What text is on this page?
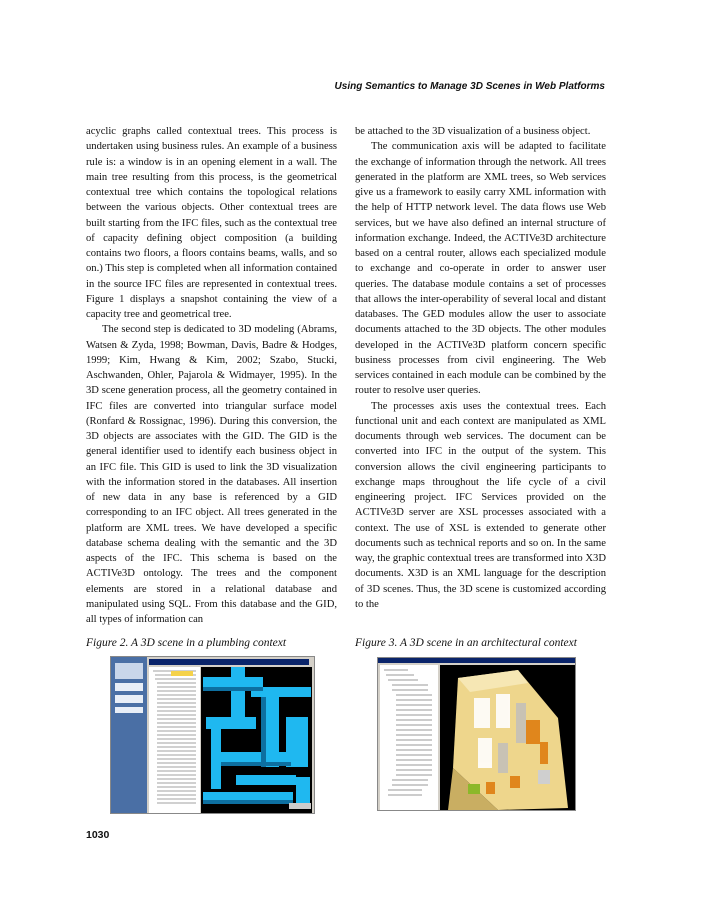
Using Semantics to Manage 3D Scenes in Web Platforms

acyclic graphs called contextual trees. This process is undertaken using business rules. An example of a business rule is: a window is in an opening element in a wall. The main tree resulting from this process, is the geometrical contextual tree which contains the topological relations between the various objects. Other contextual trees are built starting from the IFC files, such as the contextual tree of capacity defining object composition (a building contains two floors, a floors contains beams, walls, and so on.) This step is completed when all information contained in the source IFC files are represented in contextual trees. Figure 1 displays a snapshot containing the view of a capacity tree and geometrical tree.

The second step is dedicated to 3D modeling (Abrams, Watsen & Zyda, 1998; Bowman, Davis, Badre & Hodges, 1999; Kim, Hwang & Kim, 2002; Szabo, Stucki, Aschwanden, Ohler, Pajarola & Widmayer, 1995). In the 3D scene generation process, all the geometry contained in IFC files are converted into triangular surface model (Ronfard & Rossignac, 1996). During this conversion, the 3D objects are associates with the GID. The GID is the general identifier used to identify each business object in an IFC file. This GID is used to link the 3D visualization with the information stored in the databases. All insertion of new data in any base is referenced by a GID corresponding to an IFC object. All trees generated in the platform are XML trees. We have developed a specific database schema dealing with the semantic and the 3D aspects of the IFC. This schema is based on the ACTIVe3D ontology. The trees and the component elements are stored in a relational database and manipulated using SQL. From this database and the GID, all types of information can

be attached to the 3D visualization of a business object.

The communication axis will be adapted to facilitate the exchange of information through the network. All trees generated in the platform are XML trees, so Web services give us a framework to easily carry XML information with the help of HTTP network level. The data flows use Web services, but we have also defined an internal structure of information exchange. Indeed, the ACTIVe3D architecture based on a central router, allows each specialized module to exchange and co-operate in order to answer user queries. The database module contains a set of processes that allows the inter-operability of several local and distant databases. The GED modules allow the user to associate documents attached to the 3D objects. The other modules developed in the ACTIVe3D platform concern specific business processes from civil engineering. The Web services contained in each module can be combined by the router to resolve user queries.

The processes axis uses the contextual trees. Each functional unit and each context are manipulated as XML documents through web services. The document can be converted into IFC in the output of the system. This conversion allows the civil engineering participants to exchange maps throughout the life cycle of a civil engineering project. IFC Services provided on the ACTIVe3D server are XSL processes associated with a context. The use of XSL is extended to generate other documents such as technical reports and so on. In the same way, the graphic contextual trees are transformed into X3D documents. X3D is an XML language for the description of 3D scenes. Thus, the 3D scene is customized according to the

Figure 2. A 3D scene in a plumbing context	Figure 3. A 3D scene in an architectural context
1030
